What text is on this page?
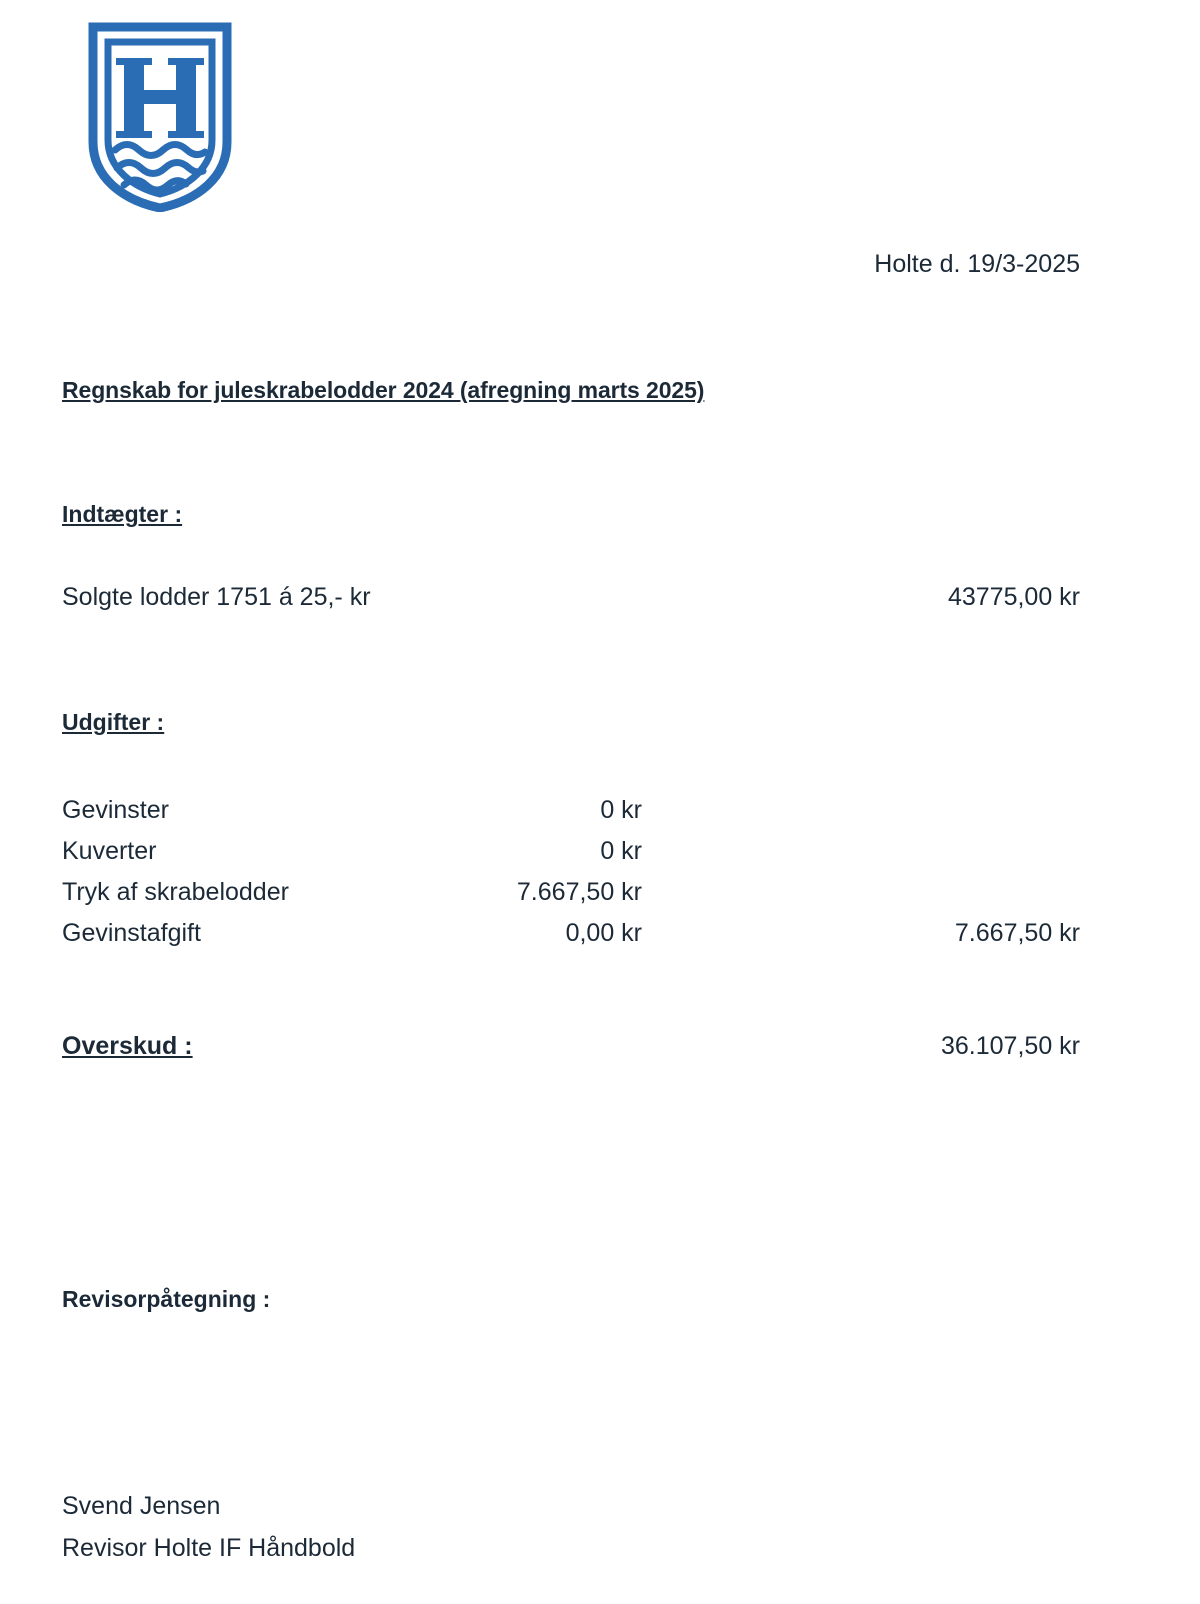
Holte d. 19/3-2025
Regnskab for juleskrabelodder 2024 (afregning marts 2025)
Indtægter :
Solgte lodder 1751 á 25,- kr	43775,00 kr
Udgifter :
Gevinster	0 kr
Kuverter	0 kr
Tryk af skrabelodder	7.667,50 kr
Gevinstafgift	0,00 kr	7.667,50 kr
Overskud :	36.107,50 kr
Revisorpåtegning :
Svend Jensen
Revisor Holte IF Håndbold
